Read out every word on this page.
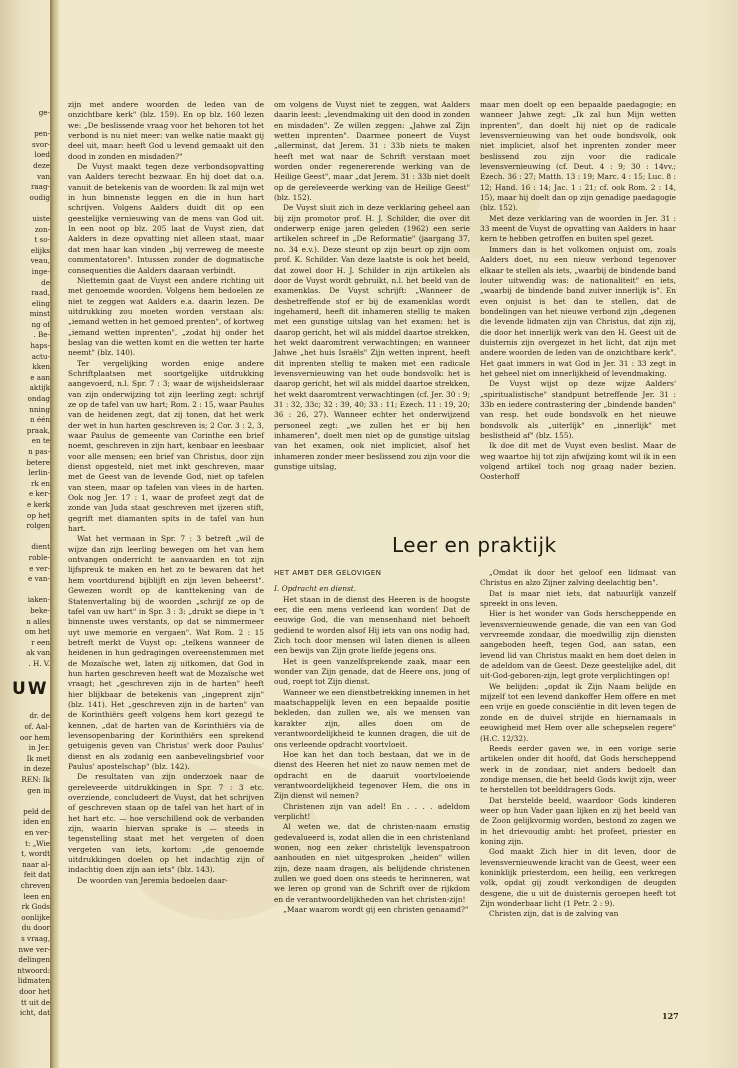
ge-

pen-
svor-
loed
deze
van
raag-
oudig

uiste
zon-
t so-
elijks
veau,
inge-
de
raad,
eling
minst
ng of
. Be-
haps-
actu-
kken
e aan
aktijk
ondag
nning
n één
praak,
en te
n pas-
betere
lerlin-
rk en
e ker-
e kerk
op het
rolgen

dient
roble-
e ver-
e van-

iaken-
beke-
n alles
om het
r een
ak van
. H. V.
UW
dr. de
of. Aal-
oor hem
in Jer.
Ik met
in deze
REN: Ik
gen in

peld de
iden en
en ver-
t: „Wie
t, wordt
naar al-
feit dat
chreven
leen en
rk Gods
oonlijke
du door
s vraag,
nwe ver-
delingen
ntwoord:
lidmaten
door het
tt uit de
icht, dat

zijn met andere woorden de leden van de onzichtbare kerk" (blz. 159). En op blz. 160 lezen we: „De beslissende vraag voor het behoren tot het verbond is nu niet meer: van welke natie maakt gij deel uit, maar: heeft God u levend gemaakt uit den dood in zonden en misdaden?"

De Vuyst maakt tegen deze verbondsopvatting van Aalders terecht bezwaar. En hij doet dat o.a. vanuit de betekenis van de woorden: Ik zal mijn wet in hun binnenste leggen en die in hun hart schrijven. Volgens Aalders duidt dit op een geestelijke vernieuwing van de mens van God uit. In een noot op blz. 205 laat de Vuyst zien, dat Aalders in deze opvatting niet alleen staat, maar dat men haar kan vinden „bij verreweg de meeste commentatoren". Intussen zonder de dogmatische consequenties die Aalders daaraan verbindt.

Niettemin gaat de Vuyst een andere richting uit met genoemde woorden. Volgens hem bedoelen ze niet te zeggen wat Aalders e.a. daarin lezen. De uitdrukking zou moeten worden verstaan als: „iemand wetten in het gemoed prenten", of kortweg „iemand wetten inprenten", „zodat hij onder het beslag van die wetten komt en die wetten ter harte neemt" (blz. 140).

Ter vergelijking worden enige andere Schriftplaatsen met soortgelijke uitdrukking aangevoerd, n.l. Spr. 7 : 3; waar de wijsheidsleraar van zijn onderwijzing tot zijn leerling zegt: schrijf ze op de tafel van uw hart; Rom. 2 : 15, waar Paulus van de heidenen zegt, dat zij tonen, dat het werk der wet in hun harten geschreven is; 2 Cor. 3 : 2, 3, waar Paulus de gemeente van Corinthe een brief noemt, geschreven in zijn hart, kenbaar en leesbaar voor alle mensen; een brief van Christus, door zijn dienst opgesteld, niet met inkt geschreven, maar met de Geest van de levende God, niet op tafelen van steen, maar op tafelen van vlees in de harten. Ook nog Jer. 17 : 1, waar de profeet zegt dat de zonde van Juda staat geschreven met ijzeren stift, gegrift met diamanten spits in de tafel van hun hart.

Wat het vermaan in Spr. 7 : 3 betreft „wil de wijze dan zijn leerling bewegen om het van hem ontvangen onderricht te aanvaarden en tot zijn lijfspreuk te maken en het zo te bewaren dat het hem voortdurend bijblijft en zijn leven beheerst". Gewezen wordt op de kanttekening van de Statenvertaling bij de woorden „schrijf ze op de tafel van uw hart" in Spr. 3 : 3: „drukt se diepe in 't binnenste uwes verstants, op dat se nimmermeer uyt uwe memorie en vergaen". Wat Rom. 2 : 15 betreft merkt de Vuyst op: „telkens wanneer de heidenen in hun gedragingen overeenstemmen met de Mozaïsche wet, laten zij uitkomen, dat God in hun harten geschreven heeft wat de Mozaïsche wet vraagt; het „geschreven zijn in de harten" heeft hier blijkbaar de betekenis van „ingeprent zijn" (blz. 141). Het „geschreven zijn in de harten" van de Korinthiërs geeft volgens hem kort gezegd te kennen, „dat de harten van de Korinthiërs via de levensopenbaring der Korinthiërs een sprekend getuigenis geven van Christus' werk door Paulus' dienst en als zodanig een aanbevelingsbrief voor Paulus' apostelschap" (blz. 142).

De resultaten van zijn onderzoek naar de gereleveerde uitdrukkingen in Spr. 7 : 3 etc. overziende, concludeert de Vuyst, dat het schrijven of geschreven staan op de tafel van het hart of in het hart etc. — hoe verschillend ook de verbanden zijn, waarin hiervan sprake is — steeds in tegenstelling staat met het vergeten of doen vergeten van iets, kortom: „de genoemde uitdrukkingen doelen op het indachtig zijn of indachtig doen zijn aan iets" (blz. 143).

De woorden van Jeremia bedoelen daar-

om volgens de Vuyst niet te zeggen, wat Aalders daarin leest: „levendmaking uit den dood in zonden en misdaden". Ze willen zeggen: „Jahwe zal Zijn wetten inprenten". Daarmee poneert de Vuyst „allerminst, dat Jerem. 31 : 33b niets te maken heeft met wat naar de Schrift verstaan moet worden onder regenererende werking van de Heilige Geest", maar „dat Jerem. 31 : 33b niet doelt op de gereleveerde werking van de Heilige Geest" (blz. 152).

De Vuyst sluit zich in deze verklaring geheel aan bij zijn promotor prof. H. J. Schilder, die over dit onderwerp enige jaren geleden (1962) een serie artikelen schreef in „De Reformatie" (jaargang 37, no. 34 e.v.). Deze steunt op zijn beurt op zijn oom prof. K. Schilder. Van deze laatste is ook het beeld, dat zowel door H. J. Schilder in zijn artikelen als door de Vuyst wordt gebruikt, n.l. het beeld van de examenklas. De Vuyst schrijft: „Wanneer de desbetreffende stof er bij de examenklas wordt ingehamerd, heeft dit inhameren stellig te maken met een gunstige uitslag van het examen: het is daarop gericht, het wil als middel daartoe strekken, het wekt daaromtrent verwachtingen; en wanneer Jahwe „het huis Israëls" Zijn wetten inprent, heeft dit inprenten stellig te maken met een radicale levensvernieuwing van het oude bondsvolk: het is daarop gericht, het wil als middel daartoe strekken, het wekt daaromtrent verwachtingen (cf. Jer. 30 : 9; 31 : 32, 33c; 32 : 39, 40; 33 : 11; Ezech. 11 : 19, 20; 36 : 26, 27). Wanneer echter het onderwijzend personeel zegt: „we zullen het er bij hen inhameren", doelt men niet op de gunstige uitslag van het examen, ook niet impliciet, alsof het inhameren zonder meer beslissend zou zijn voor die gunstige uitslag,

maar men doelt op een bepaalde paedagogie; en wanneer Jahwe zegt: „Ik zal hun Mijn wetten inprenten", dan doelt hij niet op de radicale levensvernieuwing van het oude bondsvolk, ook niet impliciet, alsof het inprenten zonder meer beslissend zou zijn voor die radicale levensvernieuwing (cf. Deut. 4 : 9; 30 : 14vv.; Ezech. 36 : 27; Matth. 13 : 19; Marc. 4 : 15; Luc. 8 : 12; Hand. 16 : 14; Jac. 1 : 21; cf. ook Rom. 2 : 14, 15), maar hij doelt dan op zijn genadige paedagogie (blz. 152).

Met deze verklaring van de woorden in Jer. 31 : 33 meent de Vuyst de opvatting van Aalders in haar kern te hebben getroffen en buiten spel gezet.

Immers dan is het volkomen onjuist om, zoals Aalders doet, nu een nieuw verbond tegenover elkaar te stellen als iets, „waarbij de bindende band louter uitwendig was: de nationaliteit" en iets, „waarbij de bindende band zuiver innerlijk is". En even onjuist is het dan te stellen, dat de bondelingen van het nieuwe verbond zijn „degenen die levende lidmaten zijn van Christus, dat zijn zij, die door het innerlijk werk van den H. Geest uit de duisternis zijn overgezet in het licht, dat zijn met andere woorden de leden van de onzichtbare kerk". Het gaat immers in wat God in Jer. 31 : 33 zegt in het geheel niet om innerlijkheid of levendmaking.

De Vuyst wijst op deze wijze Aalders' „spiritualistische" standpunt betreffende Jer. 31 : 33b en iedere contrastering der „bindende banden" van resp. het oude bondsvolk en het nieuwe bondsvolk als „uiterlijk" en „innerlijk" met beslistheid af" (blz. 155).

Ik doe dit met de Vuyst even beslist. Maar de weg waartoe hij tot zijn afwijzing komt wil ik in een volgend artikel toch nog graag nader bezien. Oosterhoff

Leer en praktijk

HET AMBT DER GELOVIGEN

I. Opdracht en dienst.

Het staan in de dienst des Heeren is de hoogste eer, die een mens verleend kan worden! Dat de eeuwige God, die van mensenhand niet behoeft gediend te worden alsof Hij iets van ons nodig had, Zich toch door mensen wil laten dienen is alleen een bewijs van Zijn grote liefde jegens ons.

Het is geen vanzelfsprekende zaak, maar een wonder van Zijn genade, dat de Heere ons, jong of oud, roept tot Zijn dienst.

Wanneer we een dienstbetrekking innemen in het maatschappelijk leven en een bepaalde positie bekleden, dan zullen we, als we mensen van karakter zijn, alles doen om de verantwoordelijkheid te kunnen dragen, die uit de ons verleende opdracht voortvloeit.

Hoe kan het dan toch bestaan, dat we in de dienst des Heeren het niet zo nauw nemen met de opdracht en de daaruit voortvloeiende verantwoordelijkheid tegenover Hem, die ons in Zijn dienst wil nemen?

Christenen zijn van adel! En . . . . adeldom verplicht!

Al weten we, dat de christen-naam ernstig gedevalueerd is, zodat allen die in een christenland wonen, nog een zeker christelijk levenspatroon aanhouden en niet uitgesproken „heiden" willen zijn, deze naam dragen, als belijdende christenen zullen we goed doen ons steeds te herinneren, wat we leren op grond van de Schrift over de rijkdom en de verantwoordelijkheden van het christen-zijn!

„Maar waarom wordt gij een christen genaamd?"

„Omdat ik door het geloof een lidmaat van Christus en alzo Zijner zalving deelachtig ben".

Dat is maar niet iets, dat natuurlijk vanzelf spreekt in ons leven.

Hier is het wonder van Gods herscheppende en levensvernieuwende genade, die van een van God vervreemde zondaar, die moedwillig zijn diensten aangeboden heeft, tegen God, aan satan, een levend lid van Christus maakt en hem doet delen in de adeldom van de Geest. Deze geestelijke adel, dit uit-God-geboren-zijn, legt grote verplichtingen op!

We belijden: „opdat ik Zijn Naam belijde en mijzelf tot een levend dankoffer Hem offere en met een vrije en goede consciëntie in dit leven tegen de zonde en de duivel strijde en hiernamaals in eeuwigheid met Hem over alle schepselen regere" (H.C. 12/32).

Reeds eerder gaven we, in een vorige serie artikelen onder dit hoofd, dat Gods herscheppend werk in de zondaar, niet anders bedoelt dan zondige mensen, die het beeld Gods kwijt zijn, weer te herstellen tot beelddragers Gods.

Dat herstelde beeld, waardoor Gods kinderen weer op hun Vader gaan lijken en zij het beeld van de Zoon gelijkvormig worden, bestond zo zagen we in het drievoudig ambt: het profeet, priester en koning zijn.

God maakt Zich hier in dit leven, door de levensvernieuwende kracht van de Geest, weer een koninklijk priesterdom, een heilig, een verkregen volk, opdat gij zoudt verkondigen de deugden desgene, die u uit de duisternis geroepen heeft tot Zijn wonderbaar licht (1 Petr. 2 : 9).

Christen zijn, dat is de zalving van

127
